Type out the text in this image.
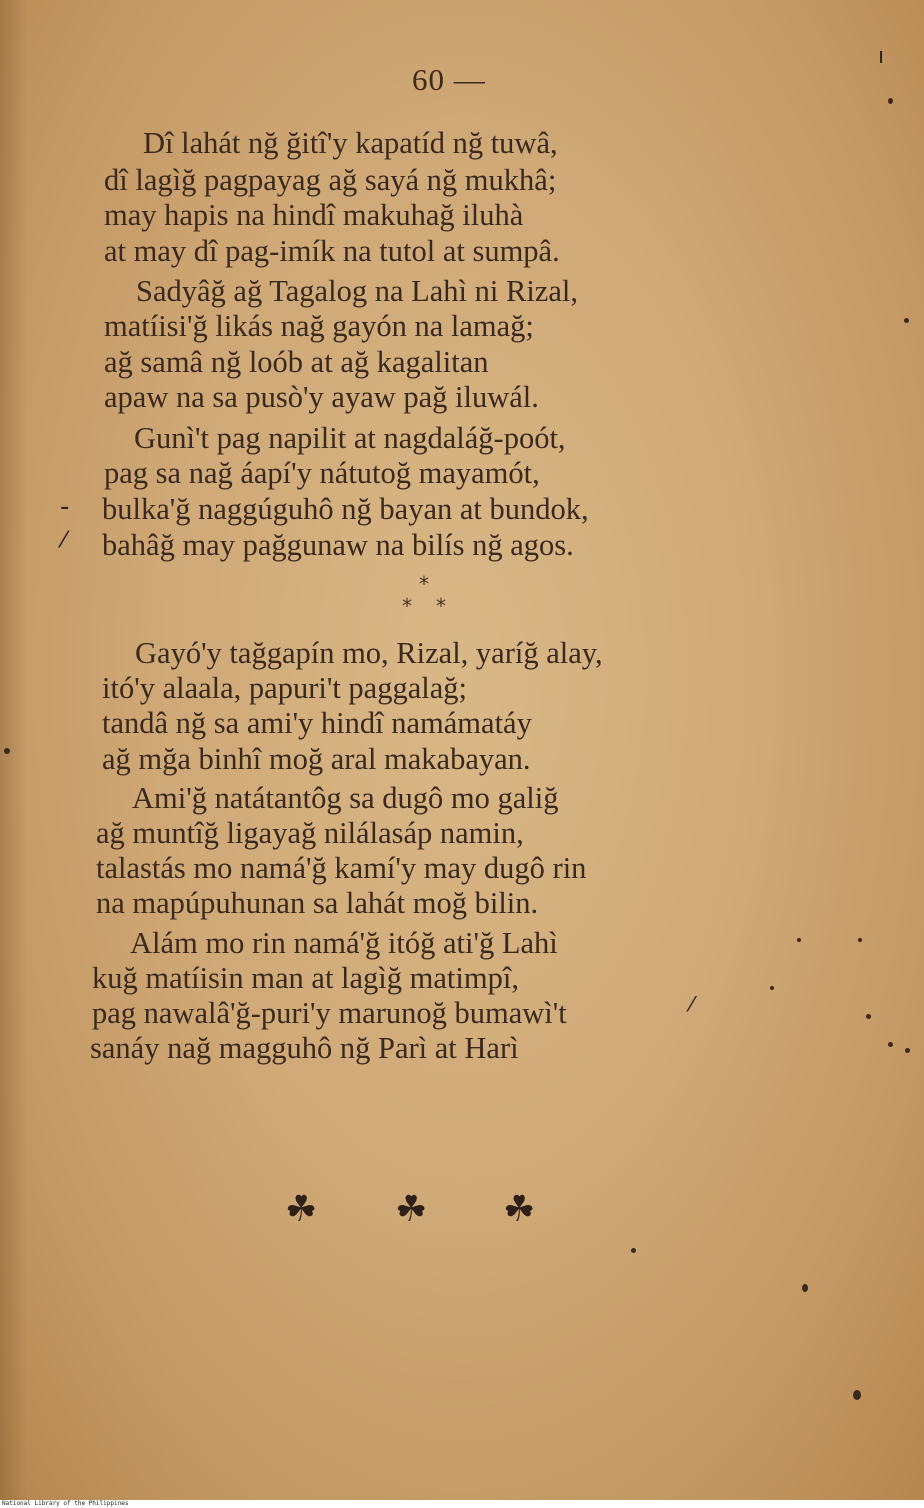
60 —
Dî lahát nğ ğitî'y kapatíd nğ tuwâ,
dî lagìğ pagpayag ağ sayá nğ mukhâ;
may hapis na hindî makuhağ iluhà
at may dî pag-imík na tutol at sumpâ.
Sadyâğ ağ Tagalog na Lahì ni Rizal,
matíisi'ğ likás nağ gayón na lamağ;
ağ samâ nğ loób at ağ kagalitan
apaw na sa pusò'y ayaw pağ iluwál.
Gunì't pag napilit at nagdaláğ-poót,
pag sa nağ áapí'y nátutoğ mayamót,
bulka'ğ naggúguhô nğ bayan at bundok,
bahâğ may pağgunaw na bilís nğ agos.
*
* *
Gayó'y tağgapín mo, Rizal, yaríğ alay,
itó'y alaala, papuri't paggalağ;
tandâ nğ sa ami'y hindî namámatáy
ağ mğa binhî moğ aral makabayan.
Ami'ğ natátantôg sa dugô mo galiğ
ağ muntîğ ligayağ nilálasáp namin,
talastás mo namá'ğ kamí'y may dugô rin
na mapúpuhunan sa lahát moğ bilin.
Alám mo rin namá'ğ itóğ ati'ğ Lahì
kuğ matíisin man at lagìğ matimpî,
pag nawalâ'ğ-puri'y marunoğ bumawì't
sanáy nağ magguhô nğ Parì at Harì
☘ ☘ ☘
-
⁄
⁄
ı
National Library of the Philippines
